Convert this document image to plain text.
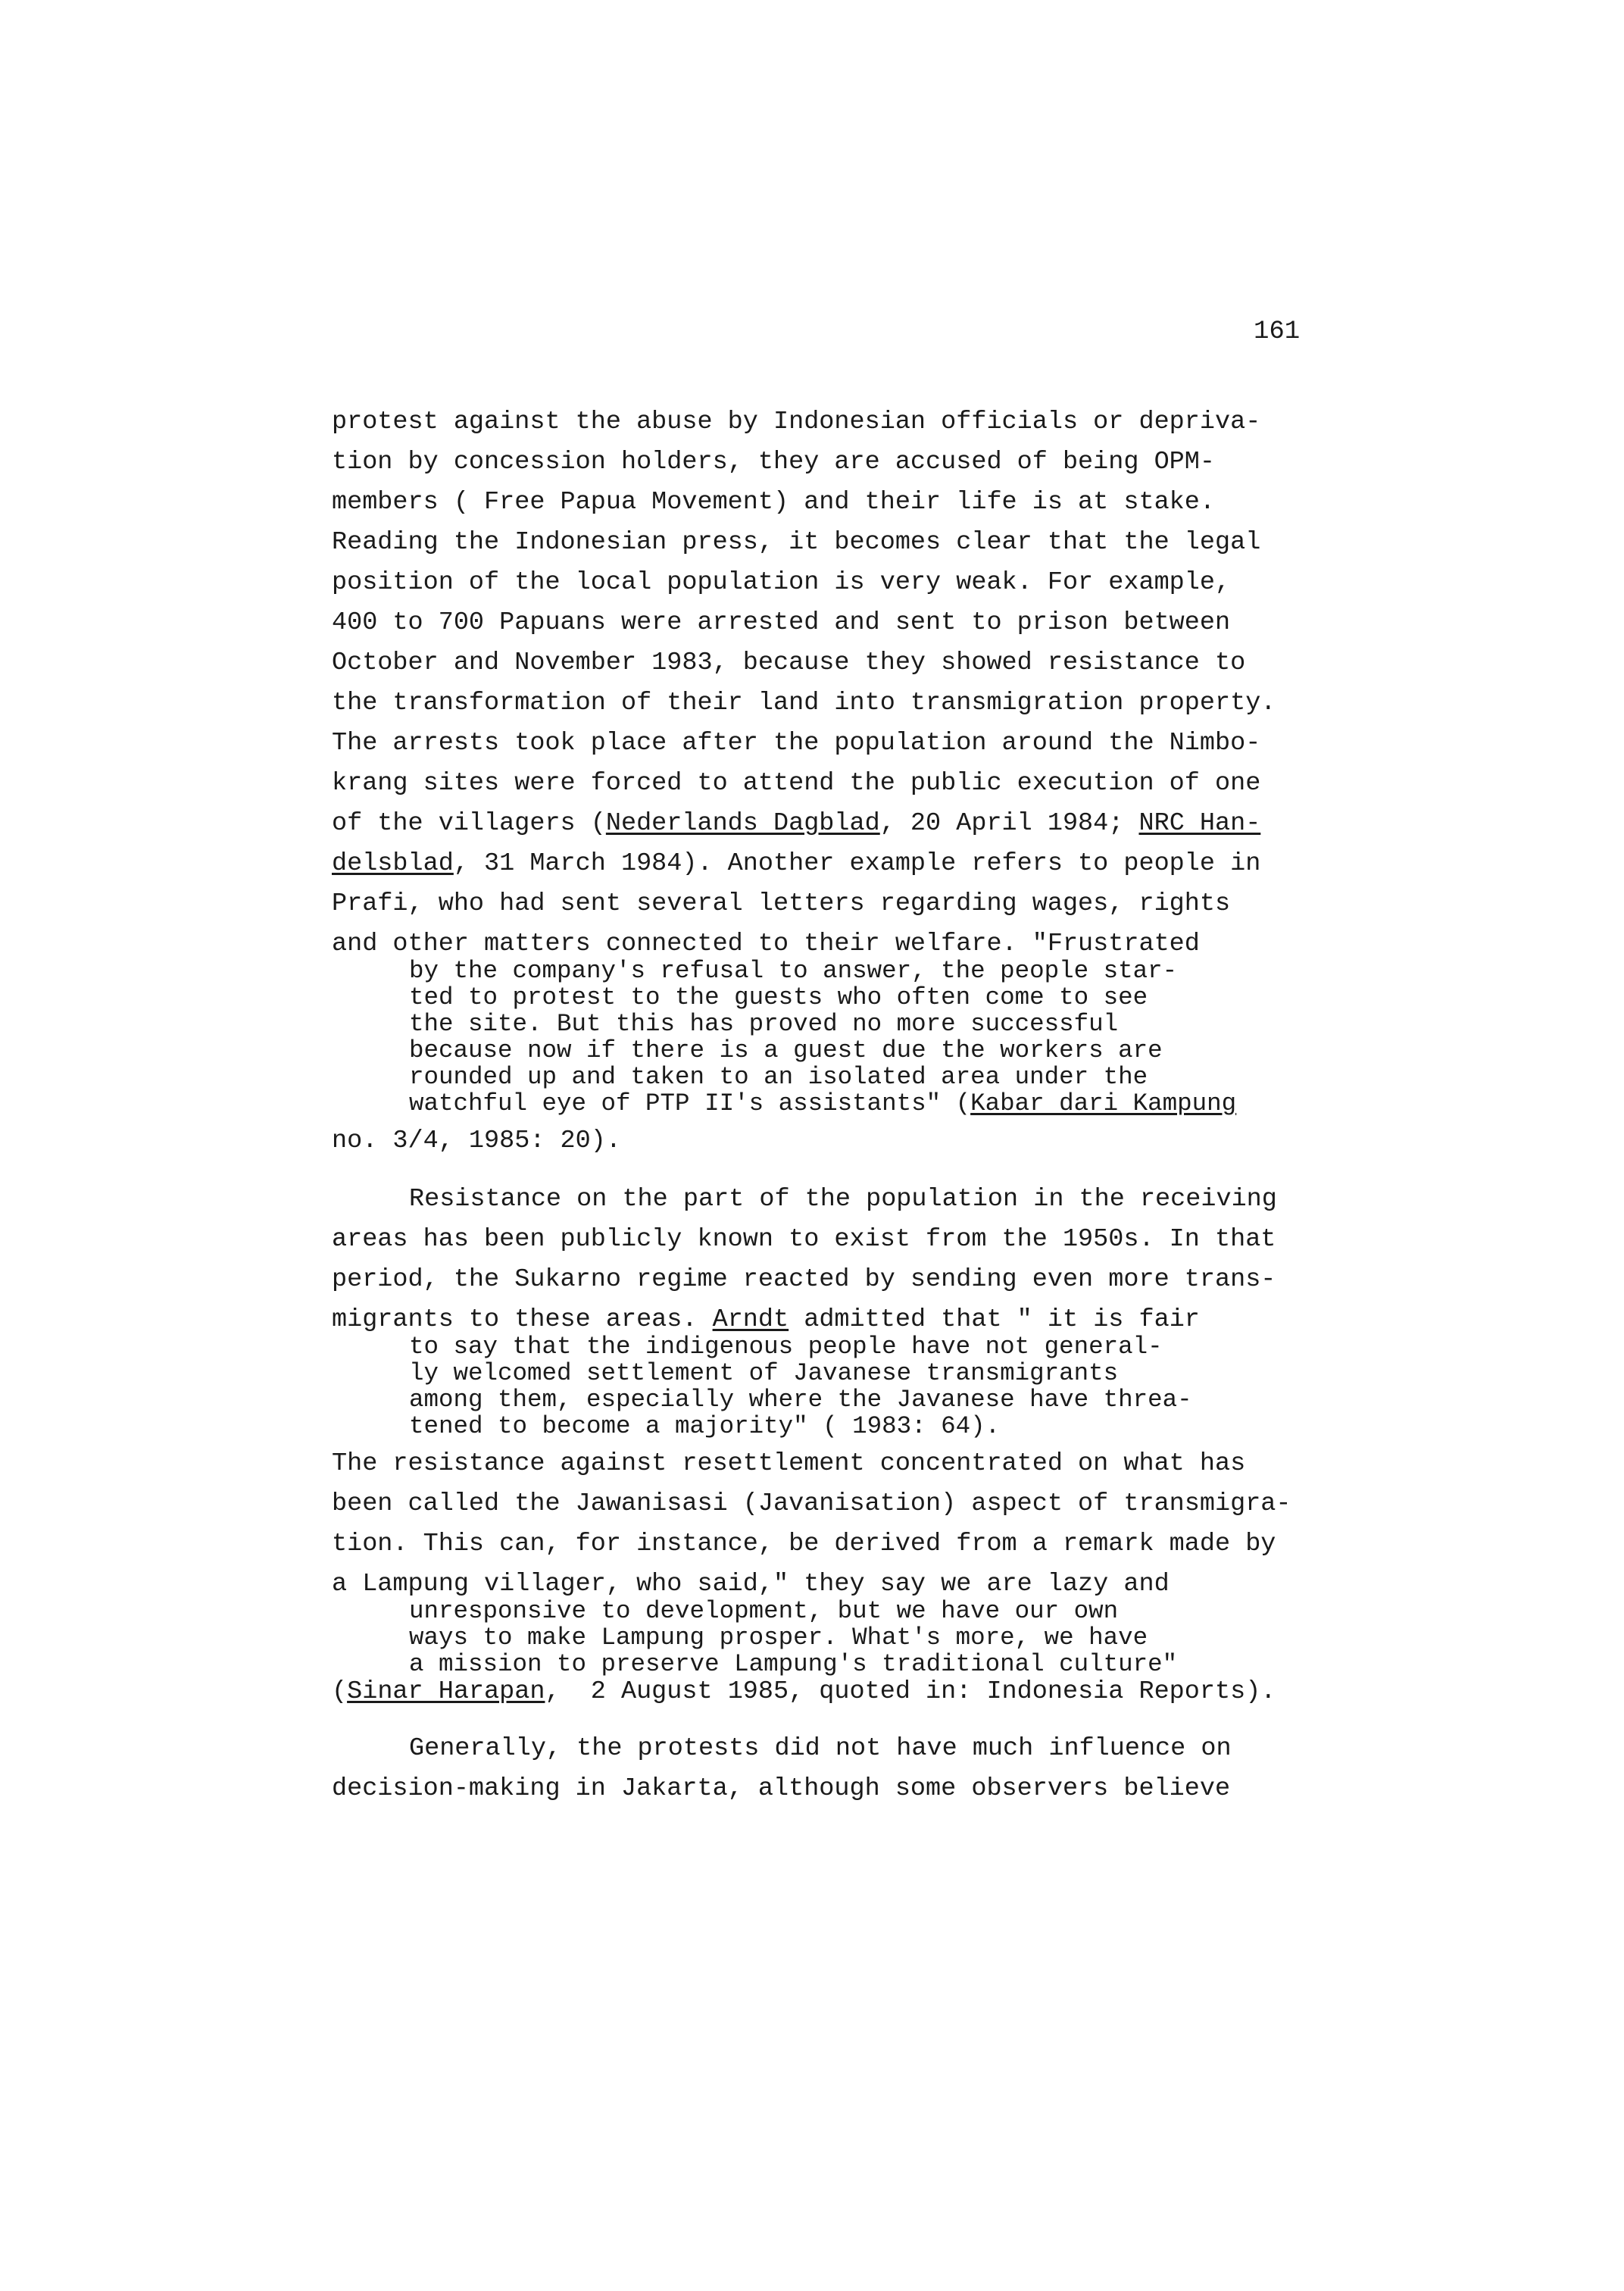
161
protest against the abuse by Indonesian officials or depriva-
tion by concession holders, they are accused of being OPM-
members ( Free Papua Movement) and their life is at stake.
Reading the Indonesian press, it becomes clear that the legal
position of the local population is very weak. For example,
400 to 700 Papuans were arrested and sent to prison between
October and November 1983, because they showed resistance to
the transformation of their land into transmigration property.
The arrests took place after the population around the Nimbo-
krang sites were forced to attend the public execution of one
of the villagers (Nederlands Dagblad, 20 April 1984; NRC Han-
delsblad, 31 March 1984). Another example refers to people in
Prafi, who had sent several letters regarding wages, rights
and other matters connected to their welfare. "Frustrated
by the company's refusal to answer, the people star-
ted to protest to the guests who often come to see
the site. But this has proved no more successful
because now if there is a guest due the workers are
rounded up and taken to an isolated area under the
watchful eye of PTP II's assistants" (Kabar dari Kampung
no. 3/4, 1985: 20).
Resistance on the part of the population in the receiving
areas has been publicly known to exist from the 1950s. In that
period, the Sukarno regime reacted by sending even more trans-
migrants to these areas. Arndt admitted that " it is fair
to say that the indigenous people have not general-
ly welcomed settlement of Javanese transmigrants
among them, especially where the Javanese have threa-
tened to become a majority" ( 1983: 64).
The resistance against resettlement concentrated on what has
been called the Jawanisasi (Javanisation) aspect of transmigra-
tion. This can, for instance, be derived from a remark made by
a Lampung villager, who said," they say we are lazy and
unresponsive to development, but we have our own
ways to make Lampung prosper. What's more, we have
a mission to preserve Lampung's traditional culture"
(Sinar Harapan,  2 August 1985, quoted in: Indonesia Reports).
Generally, the protests did not have much influence on
decision-making in Jakarta, although some observers believe
